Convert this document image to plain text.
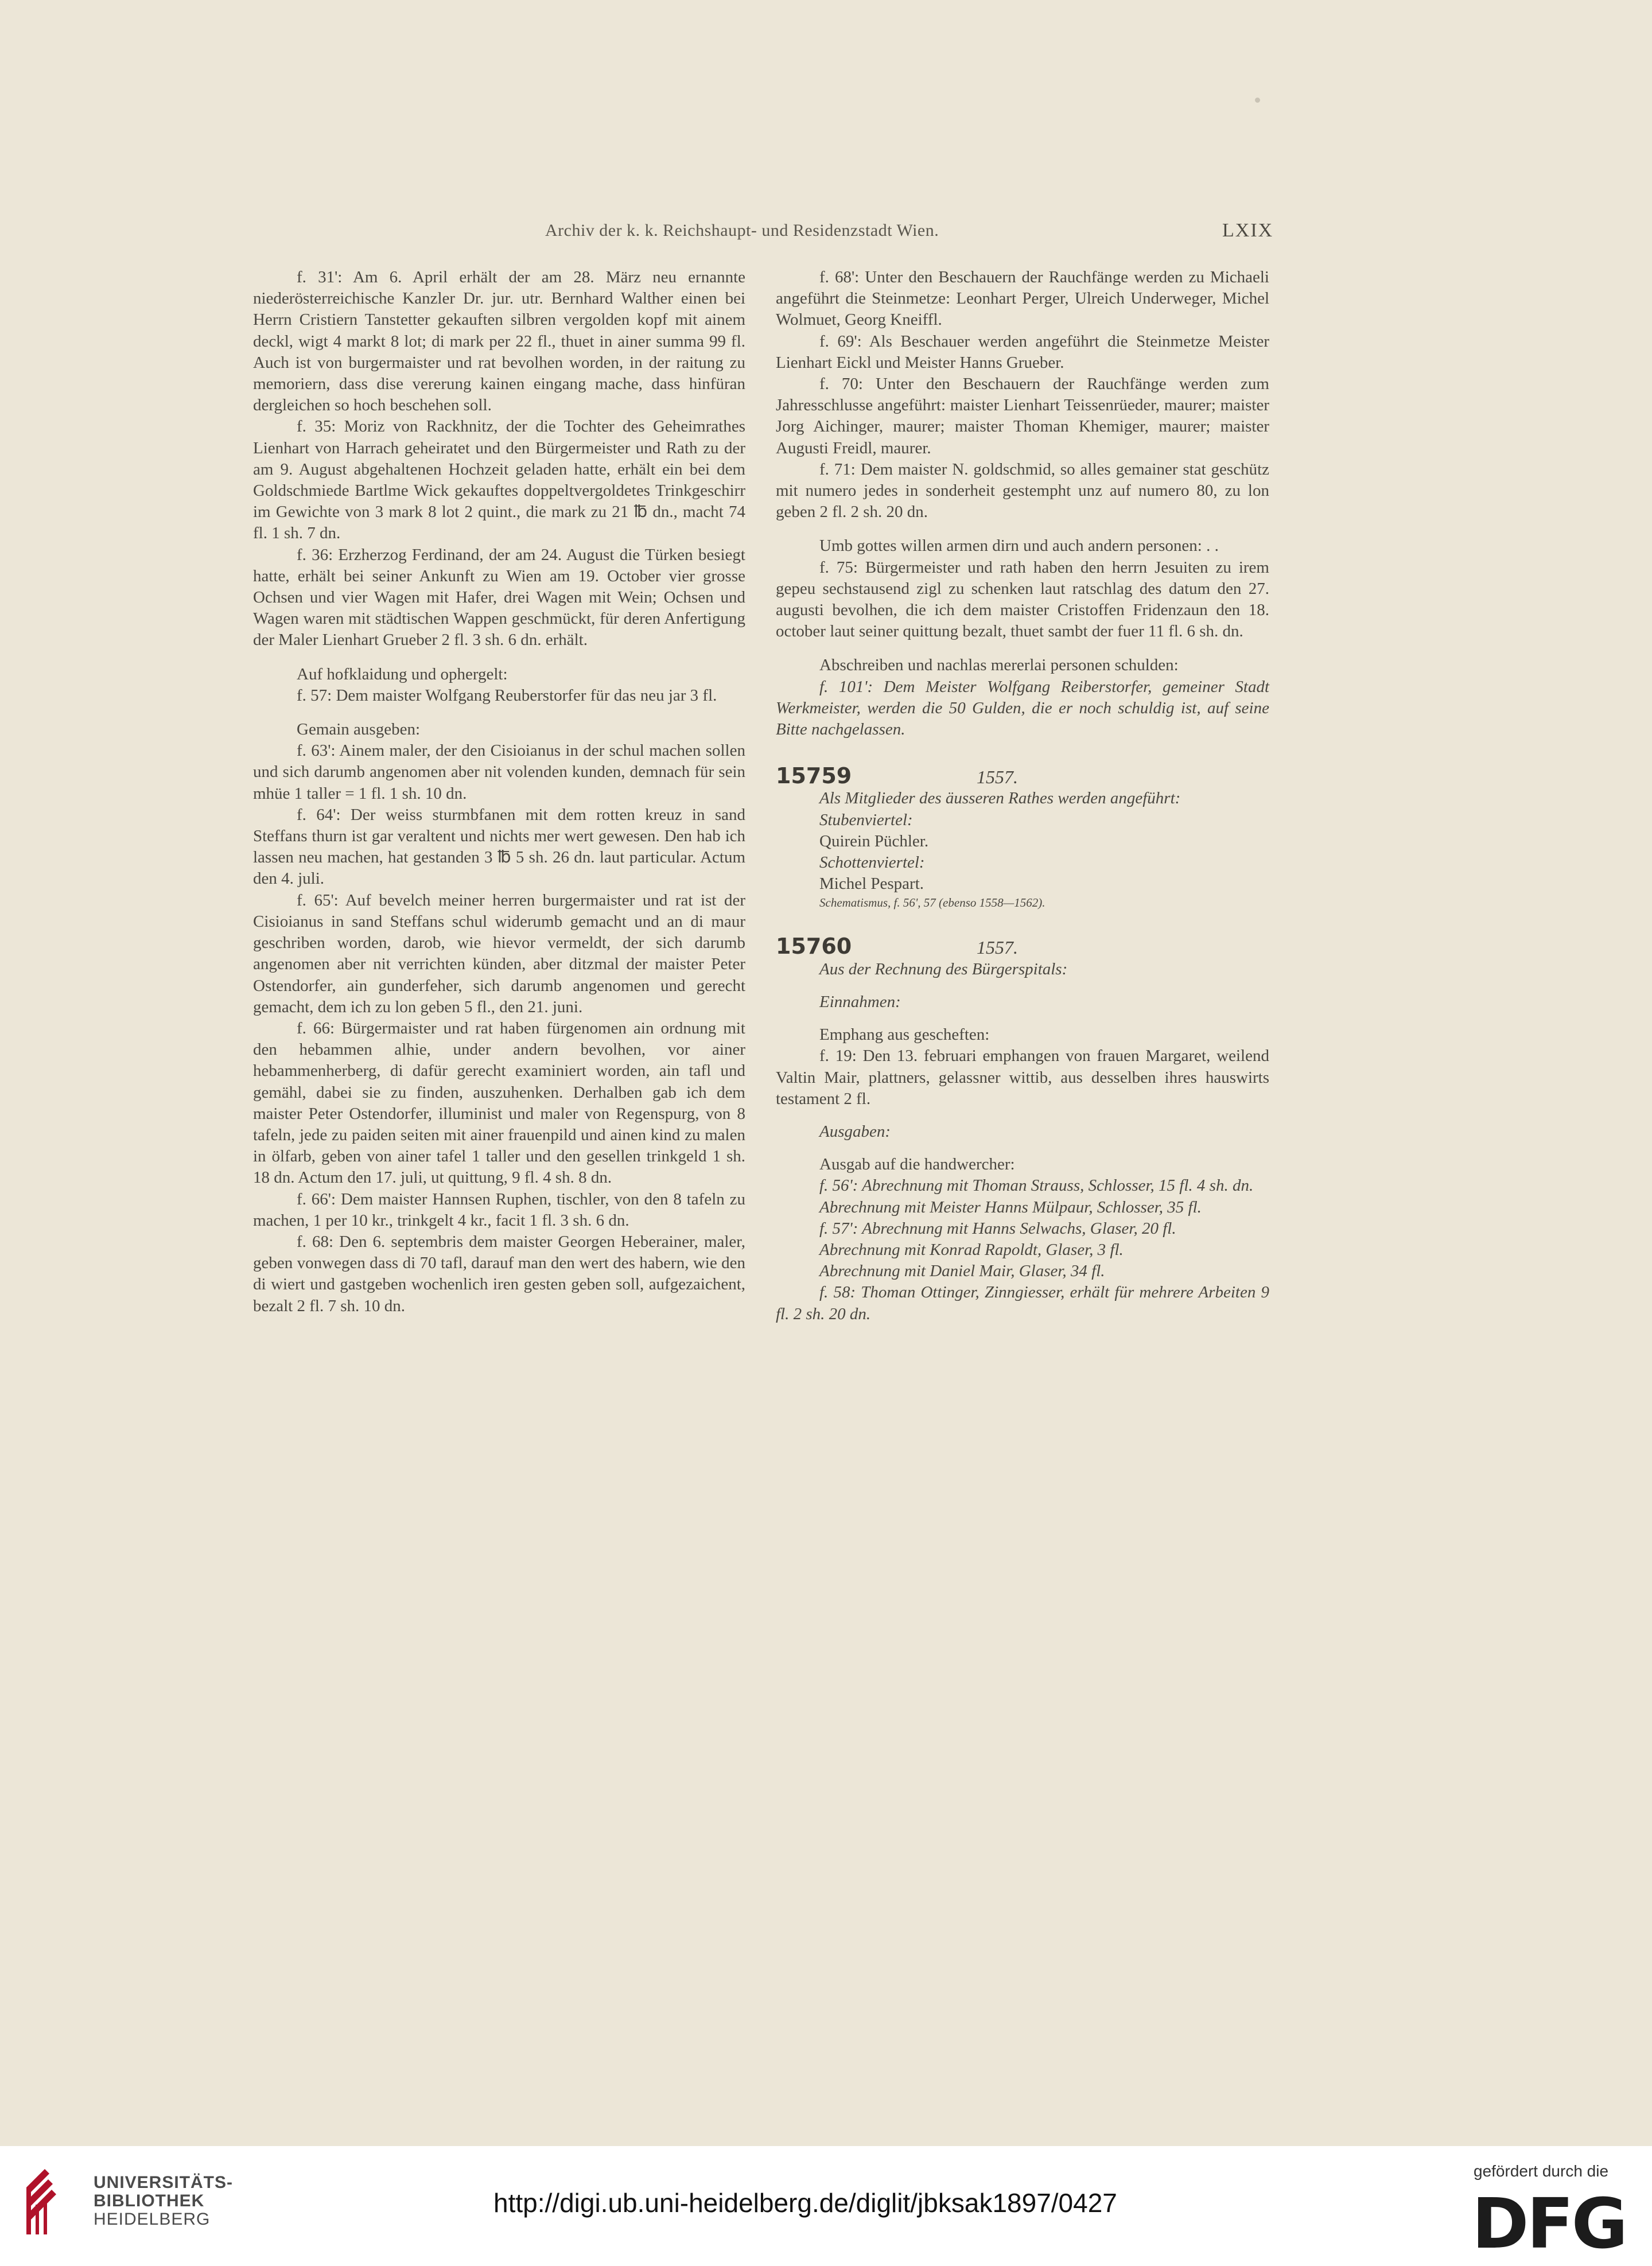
Archiv der k. k. Reichshaupt- und Residenzstadt Wien.	LXIX

f. 31': Am 6. April erhält der am 28. März neu ernannte niederösterreichische Kanzler Dr. jur. utr. Bernhard Walther einen bei Herrn Cristiern Tanstetter gekauften silbren vergolden kopf mit ainem deckl, wigt 4 markt 8 lot; di mark per 22 fl., thuet in ainer summa 99 fl. Auch ist von burgermaister und rat bevolhen worden, in der raitung zu memoriern, dass dise vererung kainen eingang mache, dass hinfüran dergleichen so hoch beschehen soll.

f. 35: Moriz von Rackhnitz, der die Tochter des Geheimrathes Lienhart von Harrach geheiratet und den Bürgermeister und Rath zu der am 9. August abgehaltenen Hochzeit geladen hatte, erhält ein bei dem Goldschmiede Bartlme Wick gekauftes doppeltvergoldetes Trinkgeschirr im Gewichte von 3 mark 8 lot 2 quint., die mark zu 21 ℔ dn., macht 74 fl. 1 sh. 7 dn.

f. 36: Erzherzog Ferdinand, der am 24. August die Türken besiegt hatte, erhält bei seiner Ankunft zu Wien am 19. October vier grosse Ochsen und vier Wagen mit Hafer, drei Wagen mit Wein; Ochsen und Wagen waren mit städtischen Wappen geschmückt, für deren Anfertigung der Maler Lienhart Grueber 2 fl. 3 sh. 6 dn. erhält.

Auf hofklaidung und ophergelt:

f. 57: Dem maister Wolfgang Reuberstorfer für das neu jar 3 fl.

Gemain ausgeben:

f. 63': Ainem maler, der den Cisioianus in der schul machen sollen und sich darumb angenomen aber nit volenden kunden, demnach für sein mhüe 1 taller = 1 fl. 1 sh. 10 dn.

f. 64': Der weiss sturmbfanen mit dem rotten kreuz in sand Steffans thurn ist gar veraltent und nichts mer wert gewesen. Den hab ich lassen neu machen, hat gestanden 3 ℔ 5 sh. 26 dn. laut particular. Actum den 4. juli.

f. 65': Auf bevelch meiner herren burgermaister und rat ist der Cisioianus in sand Steffans schul widerumb gemacht und an di maur geschriben worden, darob, wie hievor vermeldt, der sich darumb angenomen aber nit verrichten künden, aber ditzmal der maister Peter Ostendorfer, ain gunderfeher, sich darumb angenomen und gerecht gemacht, dem ich zu lon geben 5 fl., den 21. juni.

f. 66: Bürgermaister und rat haben fürgenomen ain ordnung mit den hebammen alhie, under andern bevolhen, vor ainer hebammenherberg, di dafür gerecht examiniert worden, ain tafl und gemähl, dabei sie zu finden, auszuhenken. Derhalben gab ich dem maister Peter Ostendorfer, illuminist und maler von Regenspurg, von 8 tafeln, jede zu paiden seiten mit ainer frauenpild und ainen kind zu malen in ölfarb, geben von ainer tafel 1 taller und den gesellen trinkgeld 1 sh. 18 dn. Actum den 17. juli, ut quittung, 9 fl. 4 sh. 8 dn.

f. 66': Dem maister Hannsen Ruphen, tischler, von den 8 tafeln zu machen, 1 per 10 kr., trinkgelt 4 kr., facit 1 fl. 3 sh. 6 dn.

f. 68: Den 6. septembris dem maister Georgen Heberainer, maler, geben vonwegen dass di 70 tafl, darauf man den wert des habern, wie den di wiert und gastgeben wochenlich iren gesten geben soll, aufgezaichent, bezalt 2 fl. 7 sh. 10 dn.

f. 68': Unter den Beschauern der Rauchfänge werden zu Michaeli angeführt die Steinmetze: Leonhart Perger, Ulreich Underweger, Michel Wolmuet, Georg Kneiffl.

f. 69': Als Beschauer werden angeführt die Steinmetze Meister Lienhart Eickl und Meister Hanns Grueber.

f. 70: Unter den Beschauern der Rauchfänge werden zum Jahresschlusse angeführt: maister Lienhart Teissenrüeder, maurer; maister Jorg Aichinger, maurer; maister Thoman Khemiger, maurer; maister Augusti Freidl, maurer.

f. 71: Dem maister N. goldschmid, so alles gemainer stat geschütz mit numero jedes in sonderheit gestempht unz auf numero 80, zu lon geben 2 fl. 2 sh. 20 dn.

Umb gottes willen armen dirn und auch andern personen: . .

f. 75: Bürgermeister und rath haben den herrn Jesuiten zu irem gepeu sechstausend zigl zu schenken laut ratschlag des datum den 27. augusti bevolhen, die ich dem maister Cristoffen Fridenzaun den 18. october laut seiner quittung bezalt, thuet sambt der fuer 11 fl. 6 sh. dn.

Abschreiben und nachlas mererlai personen schulden:

f. 101': Dem Meister Wolfgang Reiberstorfer, gemeiner Stadt Werkmeister, werden die 50 Gulden, die er noch schuldig ist, auf seine Bitte nachgelassen.

15759	1557.

Als Mitglieder des äusseren Rathes werden angeführt:

Stubenviertel:

Quirein Püchler.

Schottenviertel:

Michel Pespart.

Schematismus, f. 56', 57 (ebenso 1558—1562).

15760	1557.

Aus der Rechnung des Bürgerspitals:

Einnahmen:

Emphang aus gescheften:

f. 19: Den 13. februari emphangen von frauen Margaret, weilend Valtin Mair, plattners, gelassner wittib, aus desselben ihres hauswirts testament 2 fl.

Ausgaben:

Ausgab auf die handwercher:

f. 56': Abrechnung mit Thoman Strauss, Schlosser, 15 fl. 4 sh. dn.

Abrechnung mit Meister Hanns Mülpaur, Schlosser, 35 fl.

f. 57': Abrechnung mit Hanns Selwachs, Glaser, 20 fl.

Abrechnung mit Konrad Rapoldt, Glaser, 3 fl.

Abrechnung mit Daniel Mair, Glaser, 34 fl.

f. 58: Thoman Ottinger, Zinngiesser, erhält für mehrere Arbeiten 9 fl. 2 sh. 20 dn.

UNIVERSITÄTS-
BIBLIOTHEK
HEIDELBERG
http://digi.ub.uni-heidelberg.de/diglit/jbksak1897/0427
gefördert durch die
DFG
